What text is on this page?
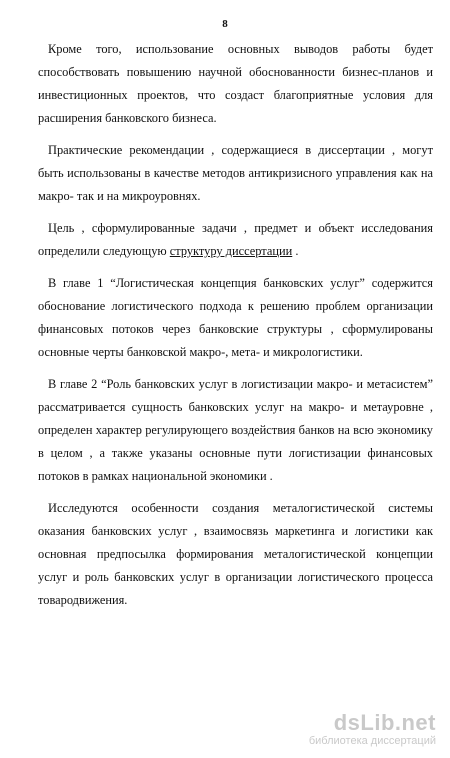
8

Кроме того, использование основных выводов работы будет способствовать повышению научной обоснованности бизнес-планов и инвестиционных проектов, что создаст благоприятные условия для расширения банковского бизнеса.

Практические рекомендации , содержащиеся в диссертации , могут быть использованы в качестве методов антикризисного управления как на макро- так и на микроуровнях.

Цель , сформулированные задачи , предмет и объект исследования определили следующую структуру диссертации .

В главе 1 “Логистическая концепция банковских услуг” содержится обоснование логистического подхода к решению проблем организации финансовых потоков через банковские структуры , сформулированы основные черты банковской макро-, мета- и микрологистики.

В главе 2 “Роль банковских услуг в логистизации макро- и метасистем” рассматривается сущность банковских услуг на макро- и метауровне , определен характер регулирующего воздействия банков на всю экономику в целом , а также указаны основные пути логистизации финансовых потоков в рамках национальной экономики .

Исследуются особенности создания металогистической системы оказания банковских услуг , взаимосвязь маркетинга и логистики как основная предпосылка формирования металогистической концепции услуг и роль банковских услуг в организации логистического процесса товародвижения.

dsLib.net
библиотека диссертаций
